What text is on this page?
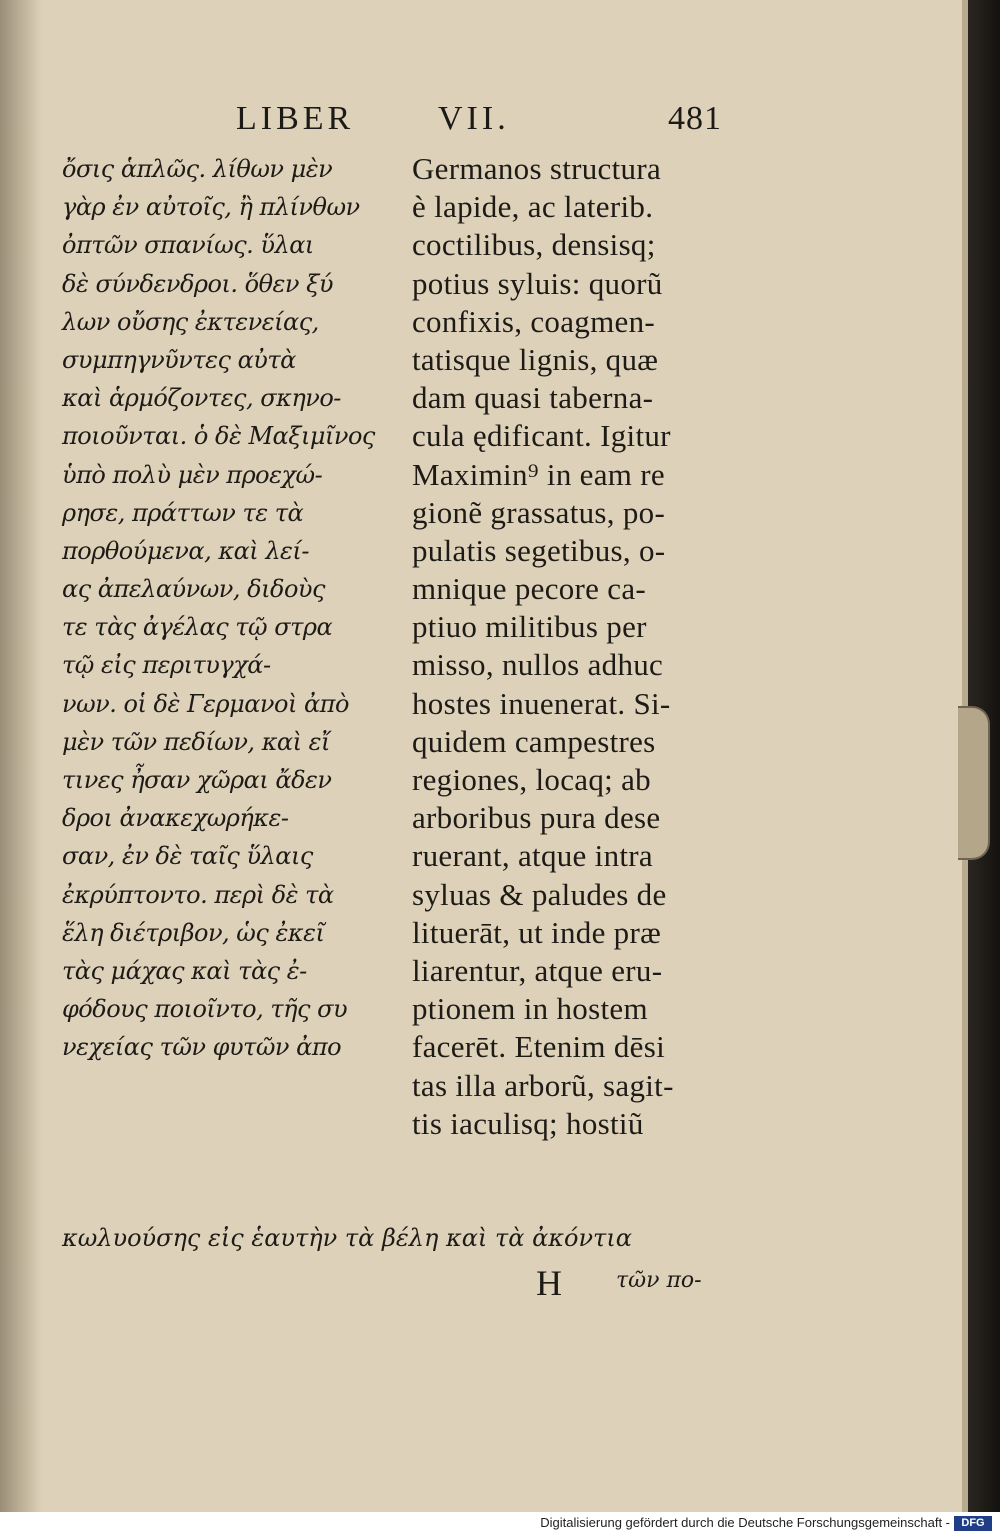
LIBER VII.	481
ὄσις ἁπλῶς. λίθων μὲν
γὰρ ἐν αὐτοῖς, ἢ πλίνθων
ὀπτῶν σπανίως. ὕλαι
δὲ σύνδενδροι. ὅθεν ξύ
λων οὔσης ἐκτενείας,
συμπηγνῦντες αὐτὰ
καὶ ἁρμόζοντες, σκηνο-
ποιοῦνται. ὁ δὲ Μαξιμῖνος
ὑπὸ πολὺ μὲν προεχώ-
ρησε, πράττων τε τὰ
πορθούμενα, καὶ λεί-
ας ἀπελαύνων, διδοὺς
τε τὰς ἀγέλας τῷ στρα
τῷ εἰς περιτυγχά-
νων. οἱ δὲ Γερμανοὶ ἀπὸ
μὲν τῶν πεδίων, καὶ εἴ
τινες ἦσαν χῶραι ἄδεν
δροι ἀνακεχωρήκε-
σαν, ἐν δὲ ταῖς ὕλαις
ἐκρύπτοντο. περὶ δὲ τὰ
ἕλη διέτριβον, ὡς ἐκεῖ
τὰς μάχας καὶ τὰς ἐ-
φόδους ποιοῖντο, τῆς συ
νεχείας τῶν φυτῶν ἀπο
Germanos structura
è lapide, ac laterib.
coctilibus, densisq;
potius syluis: quorũ
confixis, coagmen-
tatisque lignis, quæ
dam quasi taberna-
cula ędificant. Igitur
Maximin⁹ in eam re
gionẽ grassatus, po-
pulatis segetibus, o-
mnique pecore ca-
ptiuo militibus per
misso, nullos adhuc
hostes inuenerat. Si-
quidem campestres
regiones, locaq; ab
arboribus pura dese
ruerant, atque intra
syluas & paludes de
lituerāt, ut inde præ
liarentur, atque eru-
ptionem in hostem
facerēt. Etenim dēsi
tas illa arborũ, sagit-
tis iaculisq; hostiũ
κωλυούσης εἰς ἑαυτὴν τὰ βέλη καὶ τὰ ἀκόντια
H τῶν πο-
Digitalisierung gefördert durch die Deutsche Forschungsgemeinschaft -	DFG
